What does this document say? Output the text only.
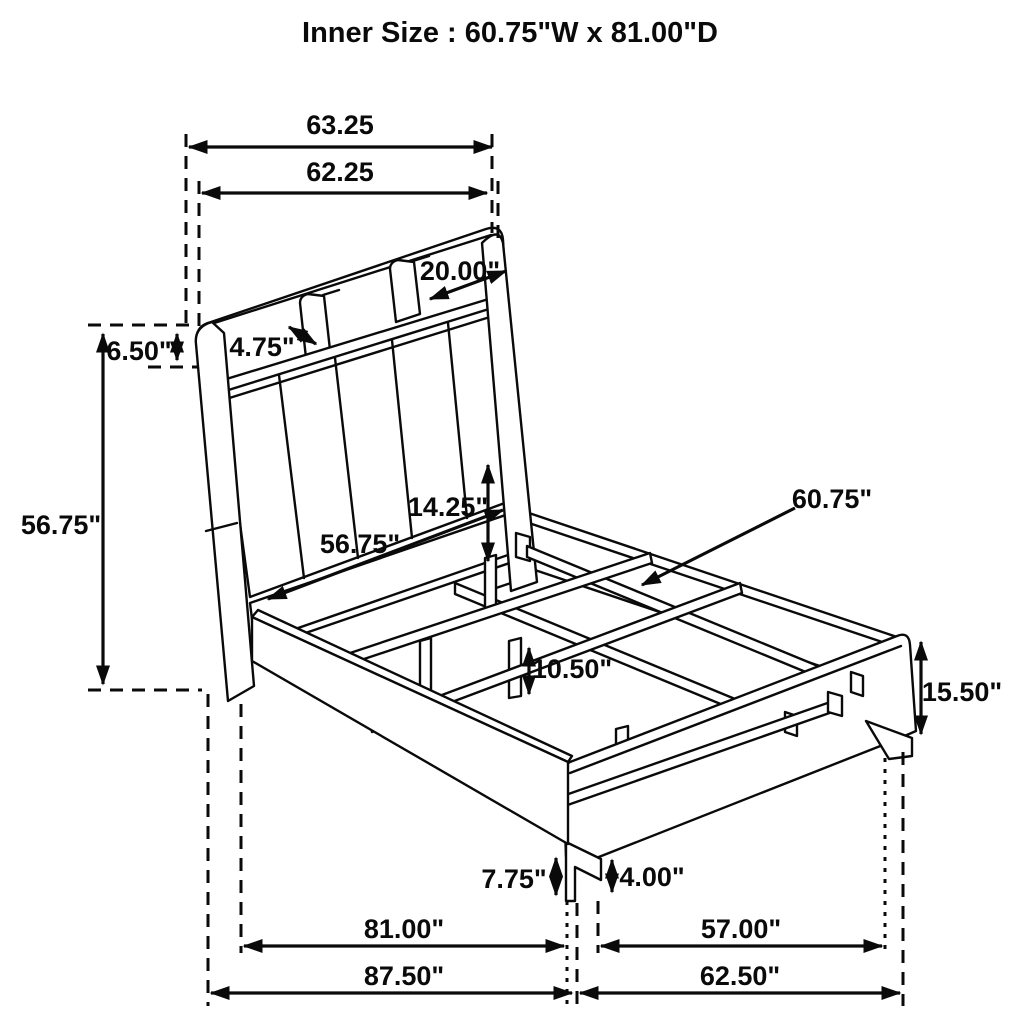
Inner Size : 60.75"W x 81.00"D
63.25
62.25
20.00"
4.75"
6.50"
56.75"
14.25"
56.75"
60.75"
10.50"
15.50"
7.75"	4.00"
81.00"	57.00"
87.50"	62.50"
